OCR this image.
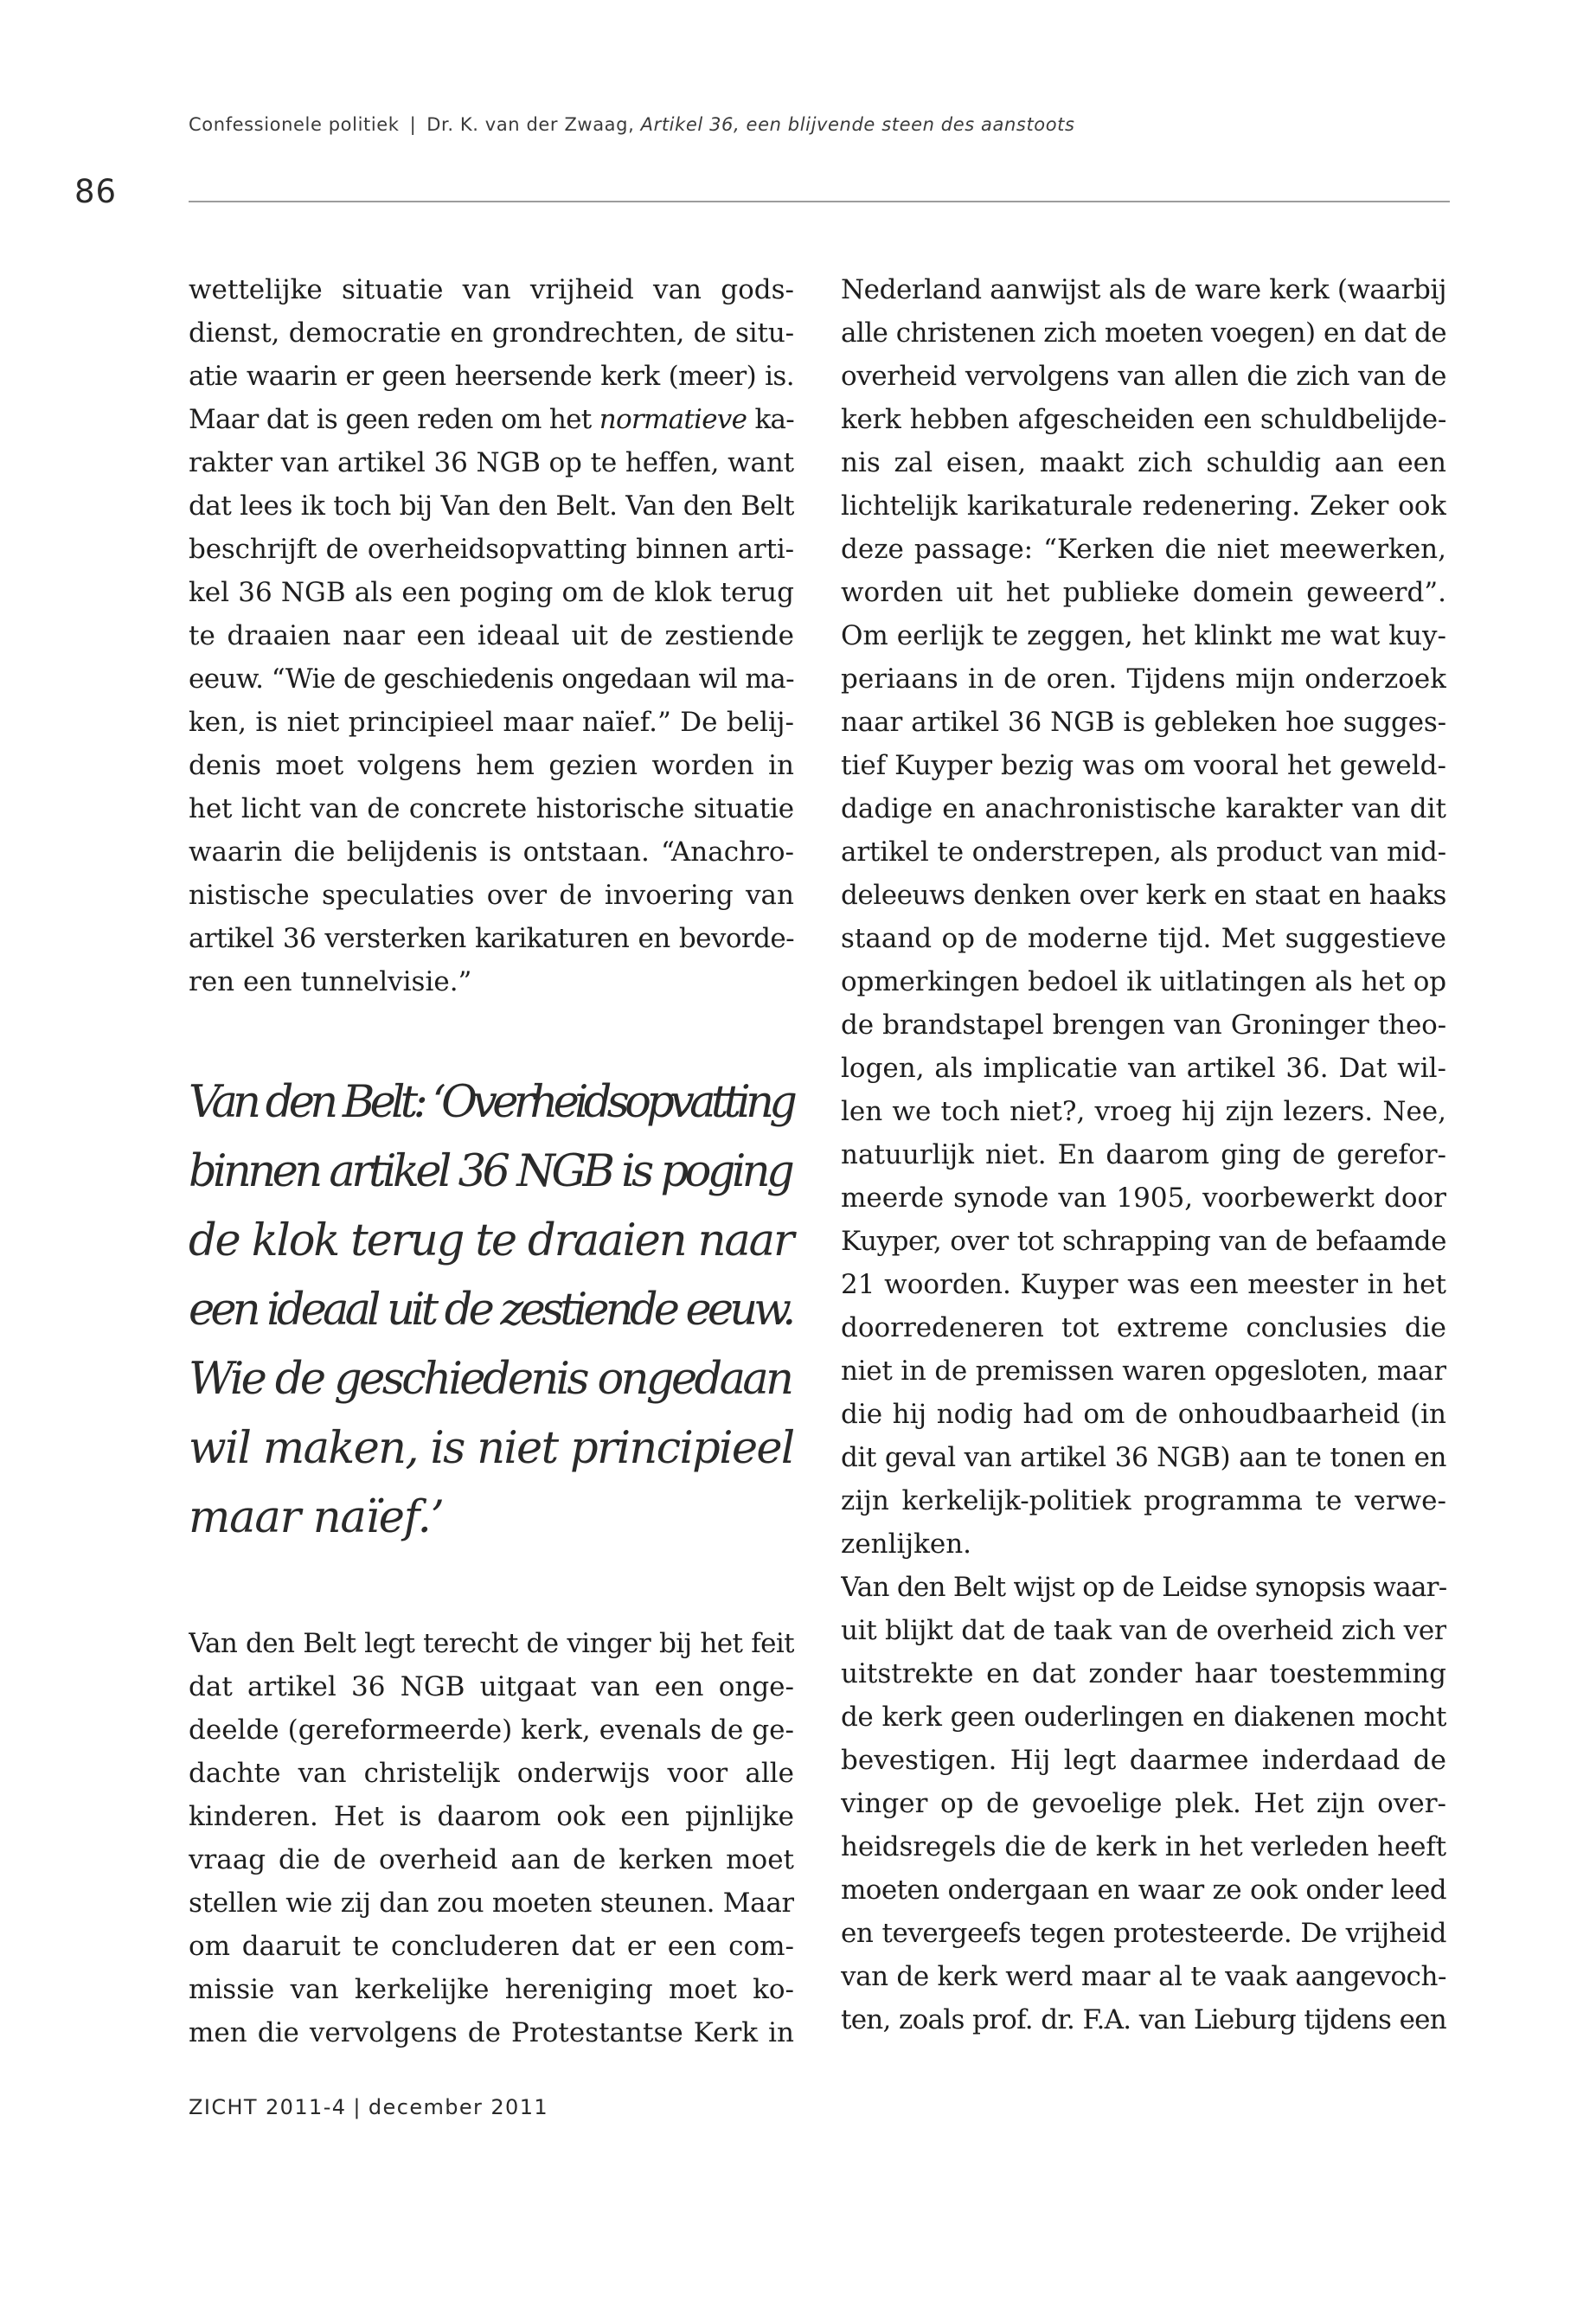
Confessionele politiek | Dr. K. van der Zwaag, Artikel 36, een blijvende steen des aanstoots
86
wettelijke situatie van vrijheid van gods-
dienst, democratie en grondrechten, de situ-
atie waarin er geen heersende kerk (meer) is.
Maar dat is geen reden om het normatieve ka-
rakter van artikel 36 NGB op te heffen, want
dat lees ik toch bij Van den Belt. Van den Belt
beschrijft de overheidsopvatting binnen arti-
kel 36 NGB als een poging om de klok terug
te draaien naar een ideaal uit de zestiende
eeuw. “Wie de geschiedenis ongedaan wil ma-
ken, is niet principieel maar naïef.” De belij-
denis moet volgens hem gezien worden in
het licht van de concrete historische situatie
waarin die belijdenis is ontstaan. “Anachro-
nistische speculaties over de invoering van
artikel 36 versterken karikaturen en bevorde-
ren een tunnelvisie.”
Van den Belt: ‘Overheidsopvatting
binnen artikel 36 NGB is poging
de klok terug te draaien naar
een ideaal uit de zestiende eeuw.
Wie de geschiedenis ongedaan
wil maken, is niet principieel
maar naïef.’
Van den Belt legt terecht de vinger bij het feit
dat artikel 36 NGB uitgaat van een onge-
deelde (gereformeerde) kerk, evenals de ge-
dachte van christelijk onderwijs voor alle
kinderen. Het is daarom ook een pijnlijke
vraag die de overheid aan de kerken moet
stellen wie zij dan zou moeten steunen. Maar
om daaruit te concluderen dat er een com-
missie van kerkelijke hereniging moet ko-
men die vervolgens de Protestantse Kerk in
Nederland aanwijst als de ware kerk (waarbij
alle christenen zich moeten voegen) en dat de
overheid vervolgens van allen die zich van de
kerk hebben afgescheiden een schuldbelijde-
nis zal eisen, maakt zich schuldig aan een
lichtelijk karikaturale redenering. Zeker ook
deze passage: “Kerken die niet meewerken,
worden uit het publieke domein geweerd”.
Om eerlijk te zeggen, het klinkt me wat kuy-
periaans in de oren. Tijdens mijn onderzoek
naar artikel 36 NGB is gebleken hoe sugges-
tief Kuyper bezig was om vooral het geweld-
dadige en anachronistische karakter van dit
artikel te onderstrepen, als product van mid-
deleeuws denken over kerk en staat en haaks
staand op de moderne tijd. Met suggestieve
opmerkingen bedoel ik uitlatingen als het op
de brandstapel brengen van Groninger theo-
logen, als implicatie van artikel 36. Dat wil-
len we toch niet?, vroeg hij zijn lezers. Nee,
natuurlijk niet. En daarom ging de gerefor-
meerde synode van 1905, voorbewerkt door
Kuyper, over tot schrapping van de befaamde
21 woorden. Kuyper was een meester in het
doorredeneren tot extreme conclusies die
niet in de premissen waren opgesloten, maar
die hij nodig had om de onhoudbaarheid (in
dit geval van artikel 36 NGB) aan te tonen en
zijn kerkelijk-politiek programma te verwe-
zenlijken.
Van den Belt wijst op de Leidse synopsis waar-
uit blijkt dat de taak van de overheid zich ver
uitstrekte en dat zonder haar toestemming
de kerk geen ouderlingen en diakenen mocht
bevestigen. Hij legt daarmee inderdaad de
vinger op de gevoelige plek. Het zijn over-
heidsregels die de kerk in het verleden heeft
moeten ondergaan en waar ze ook onder leed
en tevergeefs tegen protesteerde. De vrijheid
van de kerk werd maar al te vaak aangevoch-
ten, zoals prof. dr. F.A. van Lieburg tijdens een
ZICHT 2011-4 | december 2011
